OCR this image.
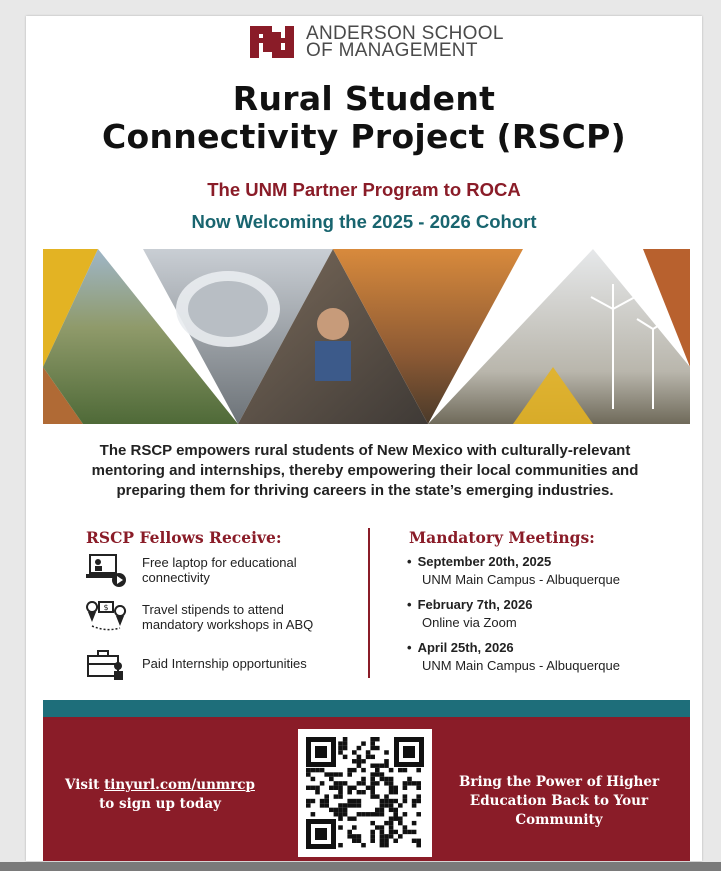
ANDERSON SCHOOL
OF MANAGEMENT
Rural Student
Connectivity Project (RSCP)
The UNM Partner Program to ROCA
Now Welcoming the 2025 - 2026 Cohort
The RSCP empowers rural students of New Mexico with culturally-relevant mentoring and internships, thereby empowering their local communities and preparing them for thriving careers in the state’s emerging industries.
RSCP Fellows Receive:
Free laptop for educational connectivity
$	Travel stipends to attend mandatory workshops in ABQ
Paid Internship opportunities
Mandatory Meetings:
• September 20th, 2025
UNM Main Campus - Albuquerque
• February 7th, 2026
Online via Zoom
• April 25th, 2026
UNM Main Campus - Albuquerque
Visit tinyurl.com/unmrcp
to sign up today
Bring the Power of Higher Education Back to Your Community
